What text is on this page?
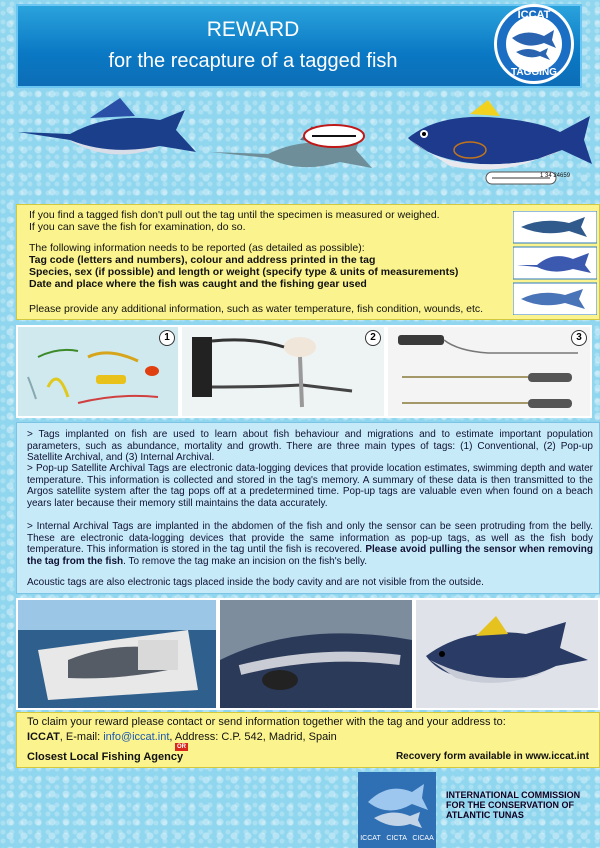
REWARD
for the recapture of a tagged fish
ICCAT
TAGGING
1 34 24659

If you find a tagged fish don't pull out the tag until the specimen is measured or weighed.

If you can save the fish for examination, do so.

The following information needs to be reported (as detailed as possible):

Tag code (letters and numbers), colour and address printed in the tag

Species, sex (if possible) and length or weight (specify type & units of measurements)

Date and place where the fish was caught and the fishing gear used

Please provide any additional information, such as water temperature, fish condition, wounds, etc.

1	2	3

> Tags implanted on fish are used to learn about fish behaviour and migrations and to estimate important population parameters, such as abundance, mortality and growth. There are three main types of tags: (1) Conventional, (2) Pop-up Satellite Archival, and (3) Internal Archival.

> Pop-up Satellite Archival Tags are electronic data-logging devices that provide location estimates, swimming depth and water temperature. This information is collected and stored in the tag's memory. A summary of these data is then transmitted to the Argos satellite system after the tag pops off at a predetermined time. Pop-up tags are valuable even when found on a beach years later because their memory still maintains the data accurately.

> Internal Archival Tags are implanted in the abdomen of the fish and only the sensor can be seen protruding from the belly. These are electronic data-logging devices that provide the same information as pop-up tags, as well as the fish body temperature. This information is stored in the tag until the fish is recovered. Please avoid pulling the sensor when removing the tag from the fish. To remove the tag make an incision on the fish's belly.

Acoustic tags are also electronic tags placed inside the body cavity and are not visible from the outside.

To claim your reward please contact or send information together with the tag and your address to:
ICCAT, E-mail: info@iccat.int, Address: C.P. 542, Madrid, Spain
OR
Closest Local Fishing Agency	Recovery form available in www.iccat.int
ICCAT   CICTA   CICAA
INTERNATIONAL COMMISSION
FOR THE CONSERVATION OF
ATLANTIC TUNAS
